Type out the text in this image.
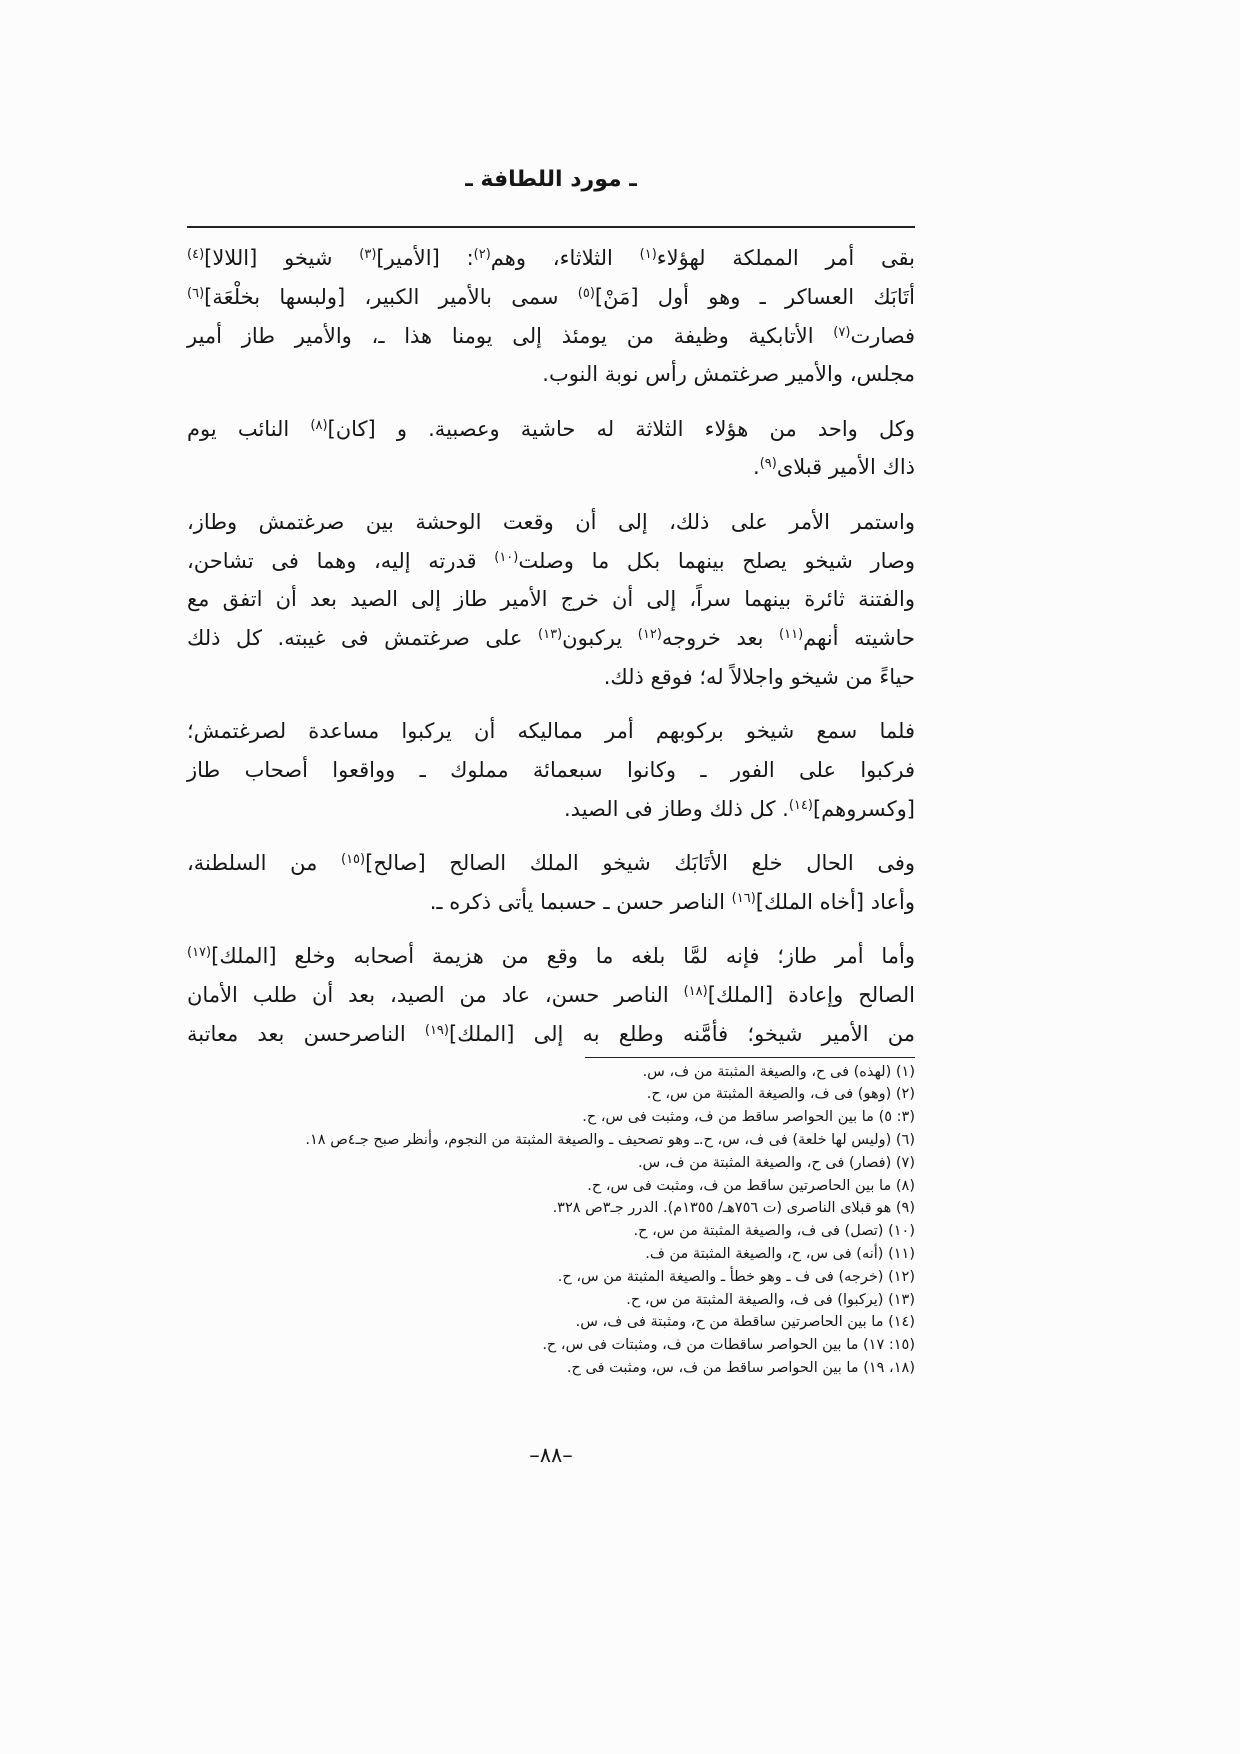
ـ مورد اللطافة ـ
بقى أمر المملكة لهؤلاء$^{(١)}$ الثلاثاء، وهم$^{(٢)}$: [الأمير]$^{(٣)}$ شيخو [اللالا]$^{(٤)}$
أتَابَك العساكر ـ وهو أول [مَنْ]$^{(٥)}$ سمى بالأمير الكبير، [ولبسها بخلْعَة]$^{(٦)}$
فصارت$^{(٧)}$ الأتابكية وظيفة من يومئذ إلى يومنا هذا ـ، والأمير طاز أمير
مجلس، والأمير صرغتمش رأس نوبة النوب.
وكل واحد من هؤلاء الثلاثة له حاشية وعصبية. و [كان]$^{(٨)}$ النائب يوم
ذاك الأمير قبلاى$^{(٩)}$.
واستمر الأمر على ذلك، إلى أن وقعت الوحشة بين صرغتمش وطاز،
وصار شيخو يصلح بينهما بكل ما وصلت$^{(١٠)}$ قدرته إليه، وهما فى تشاحن،
والفتنة ثائرة بينهما سراً، إلى أن خرج الأمير طاز إلى الصيد بعد أن اتفق مع
حاشيته أنهم$^{(١١)}$ بعد خروجه$^{(١٢)}$ يركبون$^{(١٣)}$ على صرغتمش فى غيبته. كل ذلك
حياءً من شيخو واجلالاً له؛ فوقع ذلك.
فلما سمع شيخو بركوبهم أمر مماليكه أن يركبوا مساعدة لصرغتمش؛
فركبوا على الفور ـ وكانوا سبعمائة مملوك ـ وواقعوا أصحاب طاز
[وكسروهم]$^{(١٤)}$. كل ذلك وطاز فى الصيد.
وفى الحال خلع الأتَابَك شيخو الملك الصالح [صالح]$^{(١٥)}$ من السلطنة،
وأعاد [أخاه الملك]$^{(١٦)}$ الناصر حسن ـ حسبما يأتى ذكره ـ.
وأما أمر طاز؛ فإنه لمَّا بلغه ما وقع من هزيمة أصحابه وخلع [الملك]$^{(١٧)}$
الصالح وإعادة [الملك]$^{(١٨)}$ الناصر حسن، عاد من الصيد، بعد أن طلب الأمان
من الأمير شيخو؛ فأمَّنه وطلع به إلى [الملك]$^{(١٩)}$ الناصرحسن بعد معاتبة
(١) (لهذه) فى ح، والصيغة المثبتة من ف، س.
(٢) (وهو) فى ف، والصيغة المثبتة من س، ح.
(٣: ٥) ما بين الحواصر ساقط من ف، ومثبت فى س، ح.
(٦) (وليس لها خلعة) فى ف، س، ح.ـ وهو تصحيف ـ والصيغة المثبتة من النجوم، وأنظر صبح جـ٤ص ١٨.
(٧) (فصار) فى ح، والصيغة المثبتة من ف، س.
(٨) ما بين الحاصرتين ساقط من ف، ومثبت فى س، ح.
(٩) هو قبلاى الناصرى (ت ٧٥٦هـ/ ١٣٥٥م). الدرر جـ٣ص ٣٢٨.
(١٠) (تصل) فى ف، والصيغة المثبتة من س، ح.
(١١) (أنه) فى س، ح، والصيغة المثبتة من ف.
(١٢) (خرجه) فى ف ـ وهو خطأ ـ والصيغة المثبتة من س، ح.
(١٣) (يركبوا) فى ف، والصيغة المثبتة من س، ح.
(١٤) ما بين الحاصرتين ساقطة من ح، ومثبتة فى ف، س.
(١٥: ١٧) ما بين الحواصر ساقطات من ف، ومثبتات فى س، ح.
(١٨، ١٩) ما بين الحواصر ساقط من ف، س، ومثبت فى ح.
–٨٨–
